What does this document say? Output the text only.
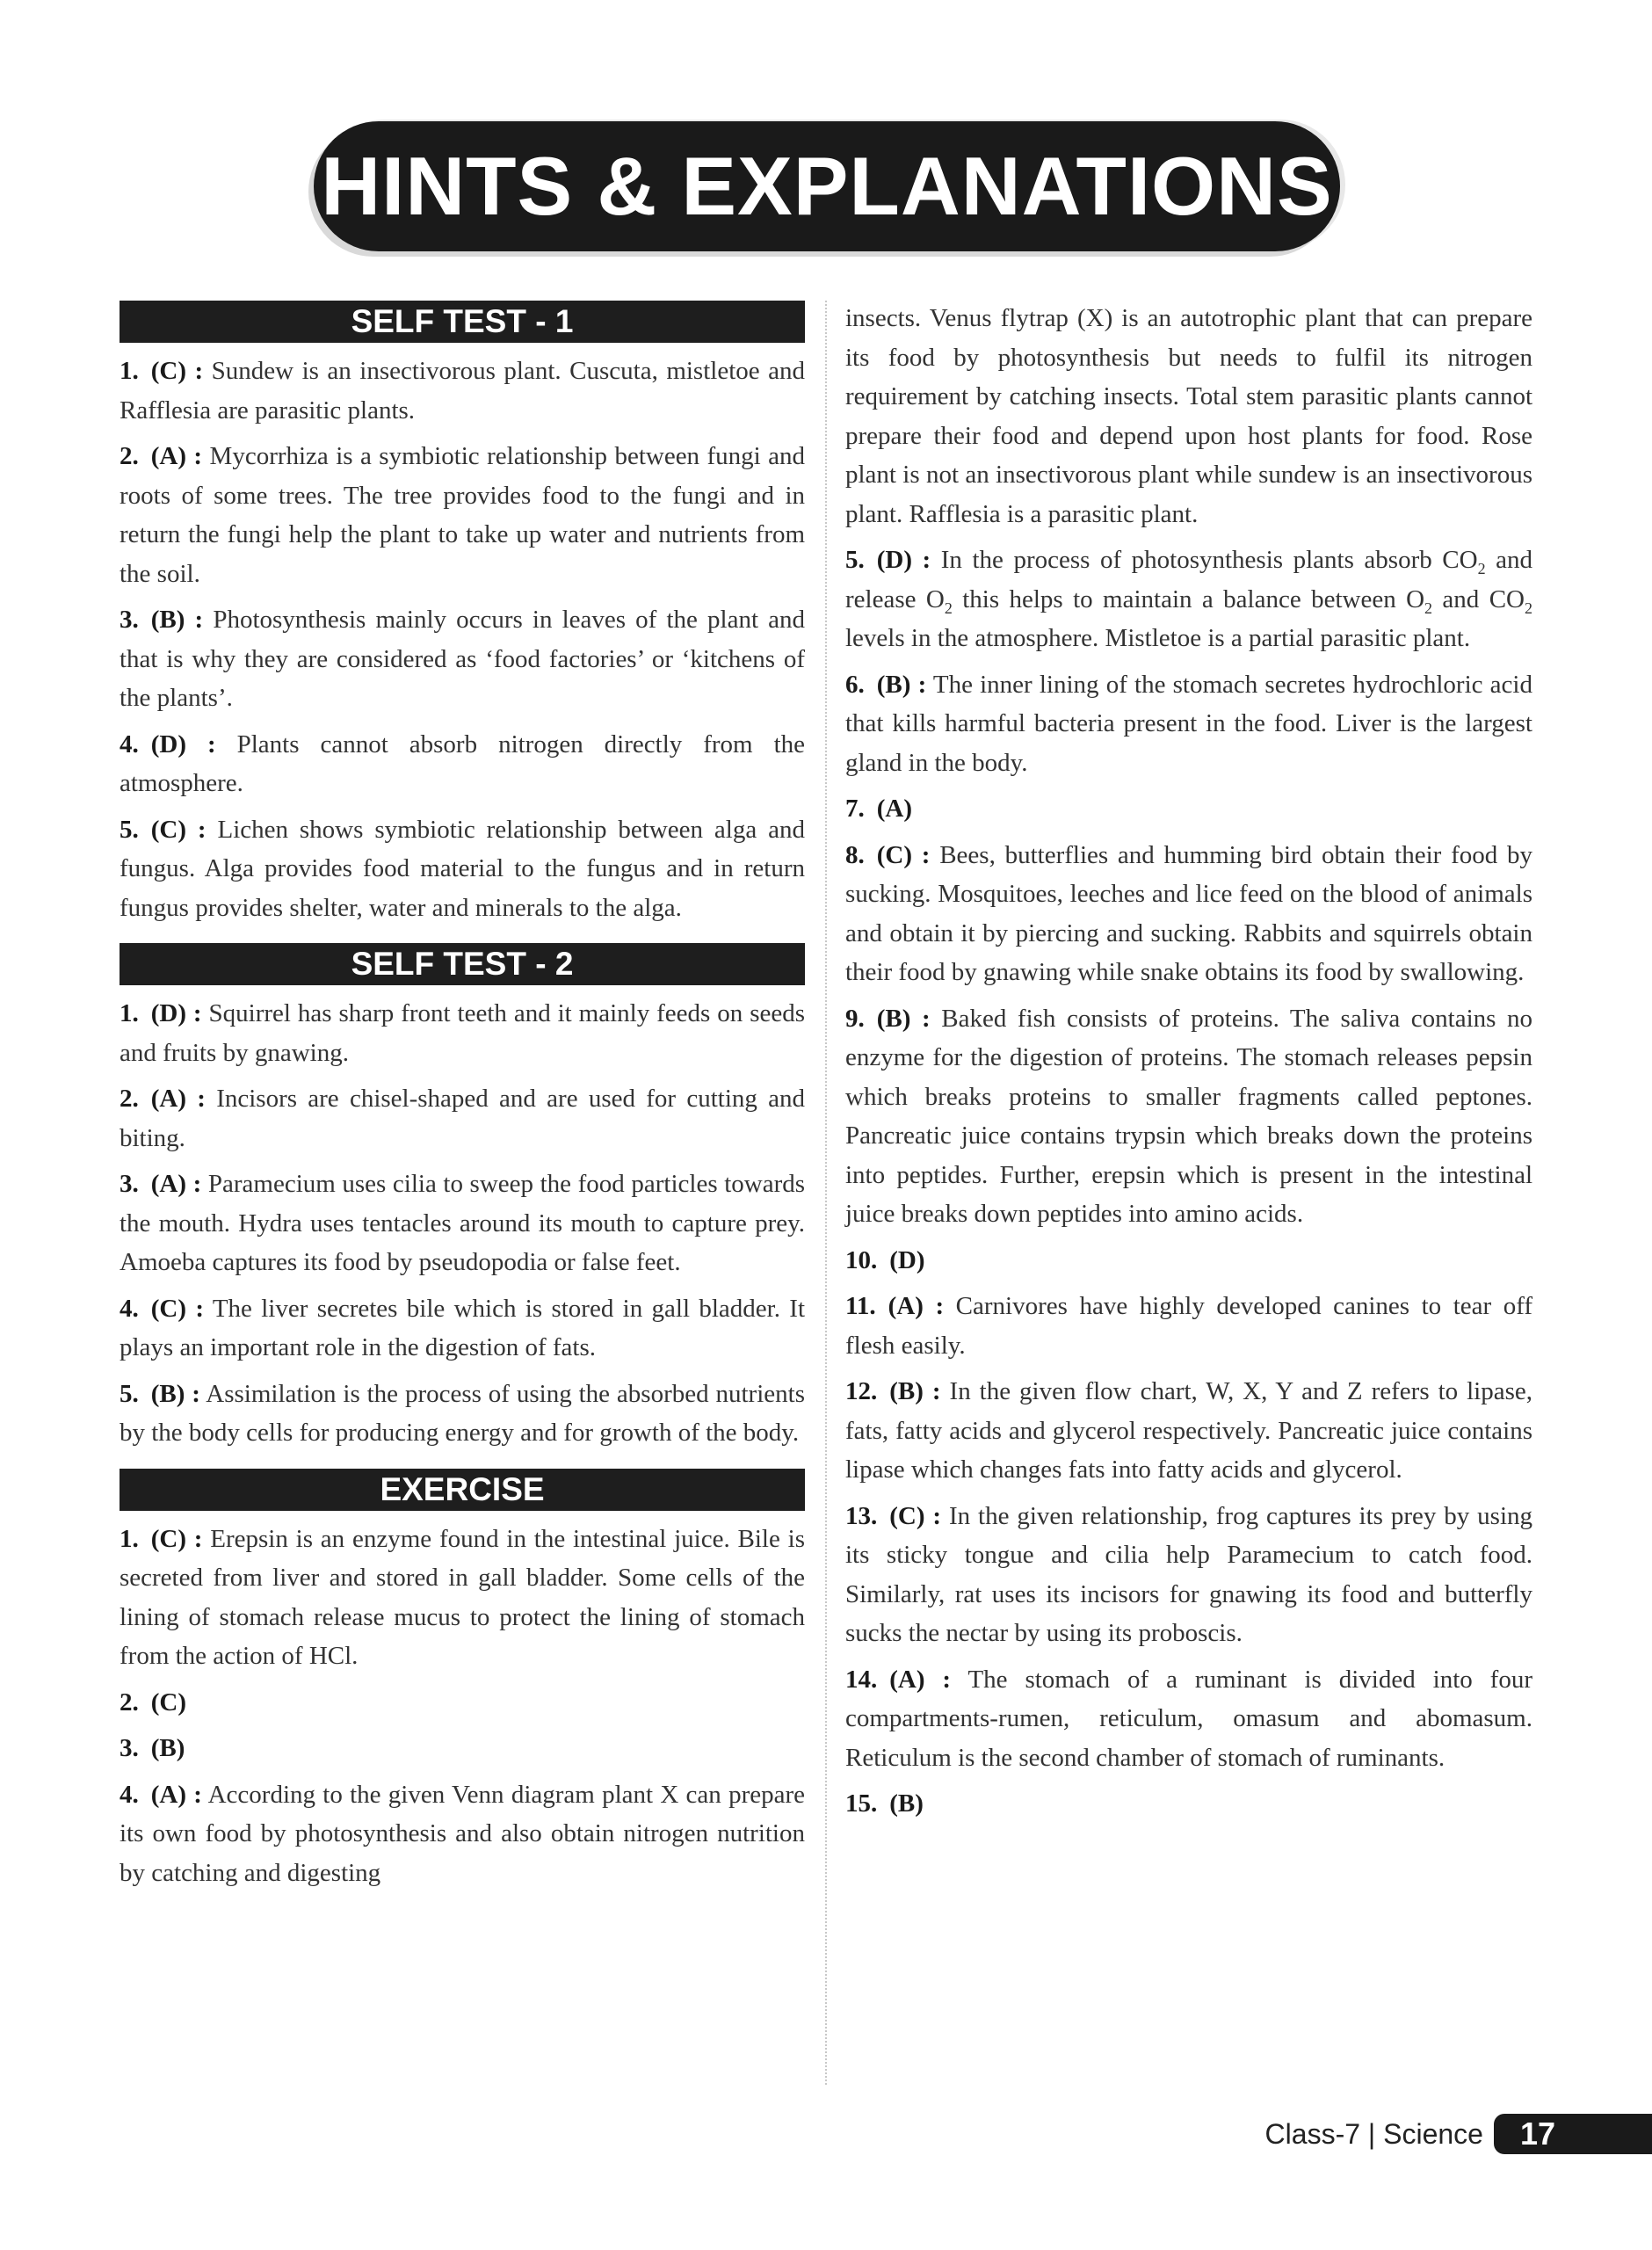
HINTS & EXPLANATIONS
SELF TEST - 1

1. (C) : Sundew is an insectivorous plant. Cuscuta, mistletoe and Rafflesia are parasitic plants.

2. (A) : Mycorrhiza is a symbiotic relationship between fungi and roots of some trees. The tree provides food to the fungi and in return the fungi help the plant to take up water and nutrients from the soil.

3. (B) : Photosynthesis mainly occurs in leaves of the plant and that is why they are considered as ‘food factories’ or ‘kitchens of the plants’.

4. (D) : Plants cannot absorb nitrogen directly from the atmosphere.

5. (C) : Lichen shows symbiotic relationship between alga and fungus. Alga provides food material to the fungus and in return fungus provides shelter, water and minerals to the alga.

SELF TEST - 2

1. (D) : Squirrel has sharp front teeth and it mainly feeds on seeds and fruits by gnawing.

2. (A) : Incisors are chisel-shaped and are used for cutting and biting.

3. (A) : Paramecium uses cilia to sweep the food particles towards the mouth. Hydra uses tentacles around its mouth to capture prey. Amoeba captures its food by pseudopodia or false feet.

4. (C) : The liver secretes bile which is stored in gall bladder. It plays an important role in the digestion of fats.

5. (B) : Assimilation is the process of using the absorbed nutrients by the body cells for producing energy and for growth of the body.

EXERCISE

1. (C) : Erepsin is an enzyme found in the intestinal juice. Bile is secreted from liver and stored in gall bladder. Some cells of the lining of stomach release mucus to protect the lining of stomach from the action of HCl.

2. (C)

3. (B)

4. (A) : According to the given Venn diagram plant X can prepare its own food by photosynthesis and also obtain nitrogen nutrition by catching and digesting

insects. Venus flytrap (X) is an autotrophic plant that can prepare its food by photosynthesis but needs to fulfil its nitrogen requirement by catching insects. Total stem parasitic plants cannot prepare their food and depend upon host plants for food. Rose plant is not an insectivorous plant while sundew is an insectivorous plant. Rafflesia is a parasitic plant.

5. (D) : In the process of photosynthesis plants absorb $CO_2$ and release $O_2$ this helps to maintain a balance between $O_2$ and $CO_2$ levels in the atmosphere. Mistletoe is a partial parasitic plant.

6. (B) : The inner lining of the stomach secretes hydrochloric acid that kills harmful bacteria present in the food. Liver is the largest gland in the body.

7. (A)

8. (C) : Bees, butterflies and humming bird obtain their food by sucking. Mosquitoes, leeches and lice feed on the blood of animals and obtain it by piercing and sucking. Rabbits and squirrels obtain their food by gnawing while snake obtains its food by swallowing.

9. (B) : Baked fish consists of proteins. The saliva contains no enzyme for the digestion of proteins. The stomach releases pepsin which breaks proteins to smaller fragments called peptones. Pancreatic juice contains trypsin which breaks down the proteins into peptides. Further, erepsin which is present in the intestinal juice breaks down peptides into amino acids.

10. (D)

11. (A) : Carnivores have highly developed canines to tear off flesh easily.

12. (B) : In the given flow chart, W, X, Y and Z refers to lipase, fats, fatty acids and glycerol respectively. Pancreatic juice contains lipase which changes fats into fatty acids and glycerol.

13. (C) : In the given relationship, frog captures its prey by using its sticky tongue and cilia help Paramecium to catch food. Similarly, rat uses its incisors for gnawing its food and butterfly sucks the nectar by using its proboscis.

14. (A) : The stomach of a ruminant is divided into four compartments-rumen, reticulum, omasum and abomasum. Reticulum is the second chamber of stomach of ruminants.

15. (B)

Class-7 | Science	17
